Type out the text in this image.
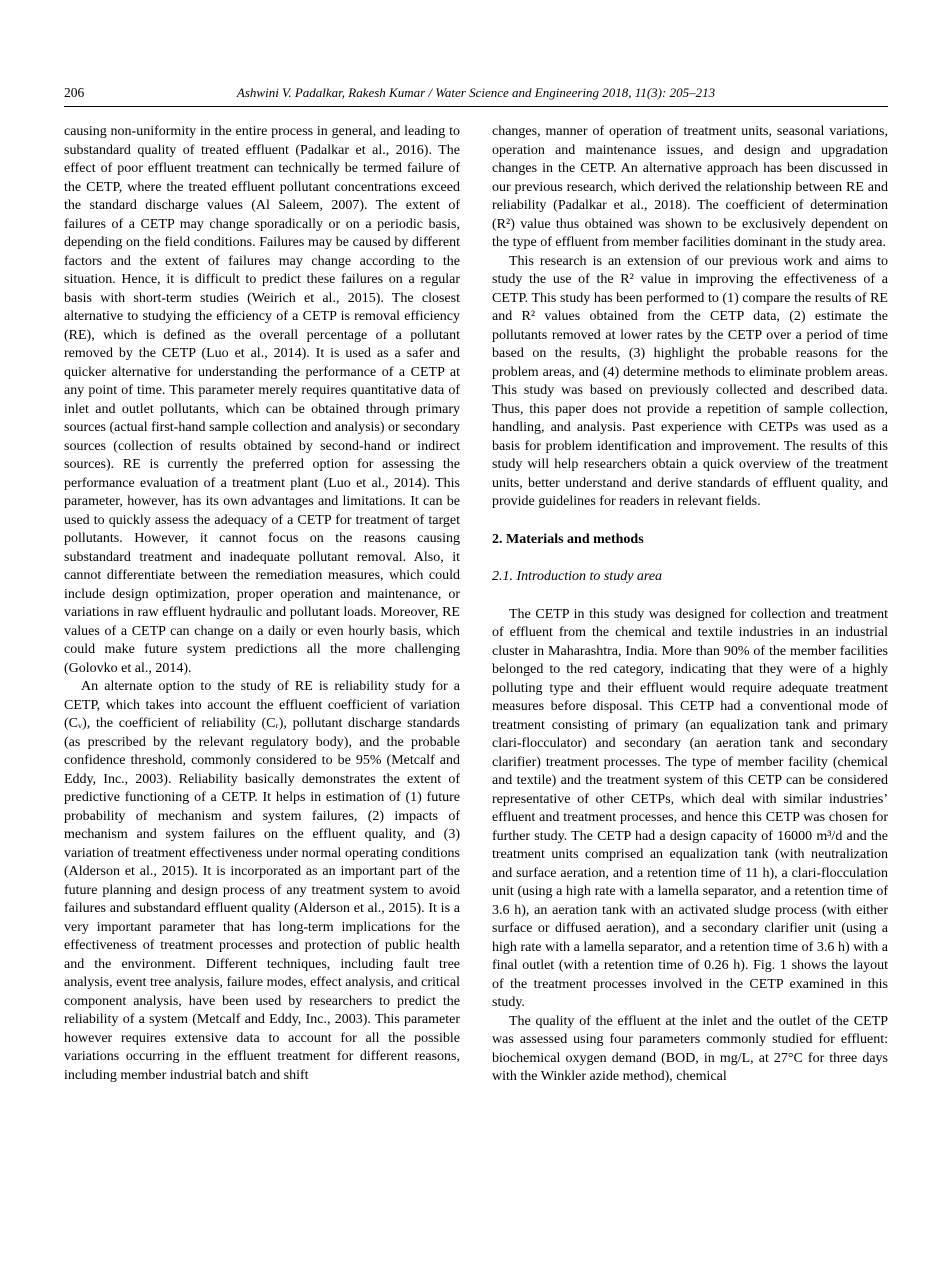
206	Ashwini V. Padalkar, Rakesh Kumar / Water Science and Engineering 2018, 11(3): 205–213

causing non-uniformity in the entire process in general, and leading to substandard quality of treated effluent (Padalkar et al., 2016). The effect of poor effluent treatment can technically be termed failure of the CETP, where the treated effluent pollutant concentrations exceed the standard discharge values (Al Saleem, 2007). The extent of failures of a CETP may change sporadically or on a periodic basis, depending on the field conditions. Failures may be caused by different factors and the extent of failures may change according to the situation. Hence, it is difficult to predict these failures on a regular basis with short-term studies (Weirich et al., 2015). The closest alternative to studying the efficiency of a CETP is removal efficiency (RE), which is defined as the overall percentage of a pollutant removed by the CETP (Luo et al., 2014). It is used as a safer and quicker alternative for understanding the performance of a CETP at any point of time. This parameter merely requires quantitative data of inlet and outlet pollutants, which can be obtained through primary sources (actual first-hand sample collection and analysis) or secondary sources (collection of results obtained by second-hand or indirect sources). RE is currently the preferred option for assessing the performance evaluation of a treatment plant (Luo et al., 2014). This parameter, however, has its own advantages and limitations. It can be used to quickly assess the adequacy of a CETP for treatment of target pollutants. However, it cannot focus on the reasons causing substandard treatment and inadequate pollutant removal. Also, it cannot differentiate between the remediation measures, which could include design optimization, proper operation and maintenance, or variations in raw effluent hydraulic and pollutant loads. Moreover, RE values of a CETP can change on a daily or even hourly basis, which could make future system predictions all the more challenging (Golovko et al., 2014).

An alternate option to the study of RE is reliability study for a CETP, which takes into account the effluent coefficient of variation (Cᵥ), the coefficient of reliability (Cᵣ), pollutant discharge standards (as prescribed by the relevant regulatory body), and the probable confidence threshold, commonly considered to be 95% (Metcalf and Eddy, Inc., 2003). Reliability basically demonstrates the extent of predictive functioning of a CETP. It helps in estimation of (1) future probability of mechanism and system failures, (2) impacts of mechanism and system failures on the effluent quality, and (3) variation of treatment effectiveness under normal operating conditions (Alderson et al., 2015). It is incorporated as an important part of the future planning and design process of any treatment system to avoid failures and substandard effluent quality (Alderson et al., 2015). It is a very important parameter that has long-term implications for the effectiveness of treatment processes and protection of public health and the environment. Different techniques, including fault tree analysis, event tree analysis, failure modes, effect analysis, and critical component analysis, have been used by researchers to predict the reliability of a system (Metcalf and Eddy, Inc., 2003). This parameter however requires extensive data to account for all the possible variations occurring in the effluent treatment for different reasons, including member industrial batch and shift

changes, manner of operation of treatment units, seasonal variations, operation and maintenance issues, and design and upgradation changes in the CETP. An alternative approach has been discussed in our previous research, which derived the relationship between RE and reliability (Padalkar et al., 2018). The coefficient of determination (R²) value thus obtained was shown to be exclusively dependent on the type of effluent from member facilities dominant in the study area.

This research is an extension of our previous work and aims to study the use of the R² value in improving the effectiveness of a CETP. This study has been performed to (1) compare the results of RE and R² values obtained from the CETP data, (2) estimate the pollutants removed at lower rates by the CETP over a period of time based on the results, (3) highlight the probable reasons for the problem areas, and (4) determine methods to eliminate problem areas. This study was based on previously collected and described data. Thus, this paper does not provide a repetition of sample collection, handling, and analysis. Past experience with CETPs was used as a basis for problem identification and improvement. The results of this study will help researchers obtain a quick overview of the treatment units, better understand and derive standards of effluent quality, and provide guidelines for readers in relevant fields.

2. Materials and methods
2.1. Introduction to study area

The CETP in this study was designed for collection and treatment of effluent from the chemical and textile industries in an industrial cluster in Maharashtra, India. More than 90% of the member facilities belonged to the red category, indicating that they were of a highly polluting type and their effluent would require adequate treatment measures before disposal. This CETP had a conventional mode of treatment consisting of primary (an equalization tank and primary clari-flocculator) and secondary (an aeration tank and secondary clarifier) treatment processes. The type of member facility (chemical and textile) and the treatment system of this CETP can be considered representative of other CETPs, which deal with similar industries’ effluent and treatment processes, and hence this CETP was chosen for further study. The CETP had a design capacity of 16000 m³/d and the treatment units comprised an equalization tank (with neutralization and surface aeration, and a retention time of 11 h), a clari-flocculation unit (using a high rate with a lamella separator, and a retention time of 3.6 h), an aeration tank with an activated sludge process (with either surface or diffused aeration), and a secondary clarifier unit (using a high rate with a lamella separator, and a retention time of 3.6 h) with a final outlet (with a retention time of 0.26 h). Fig. 1 shows the layout of the treatment processes involved in the CETP examined in this study.

The quality of the effluent at the inlet and the outlet of the CETP was assessed using four parameters commonly studied for effluent: biochemical oxygen demand (BOD, in mg/L, at 27°C for three days with the Winkler azide method), chemical
